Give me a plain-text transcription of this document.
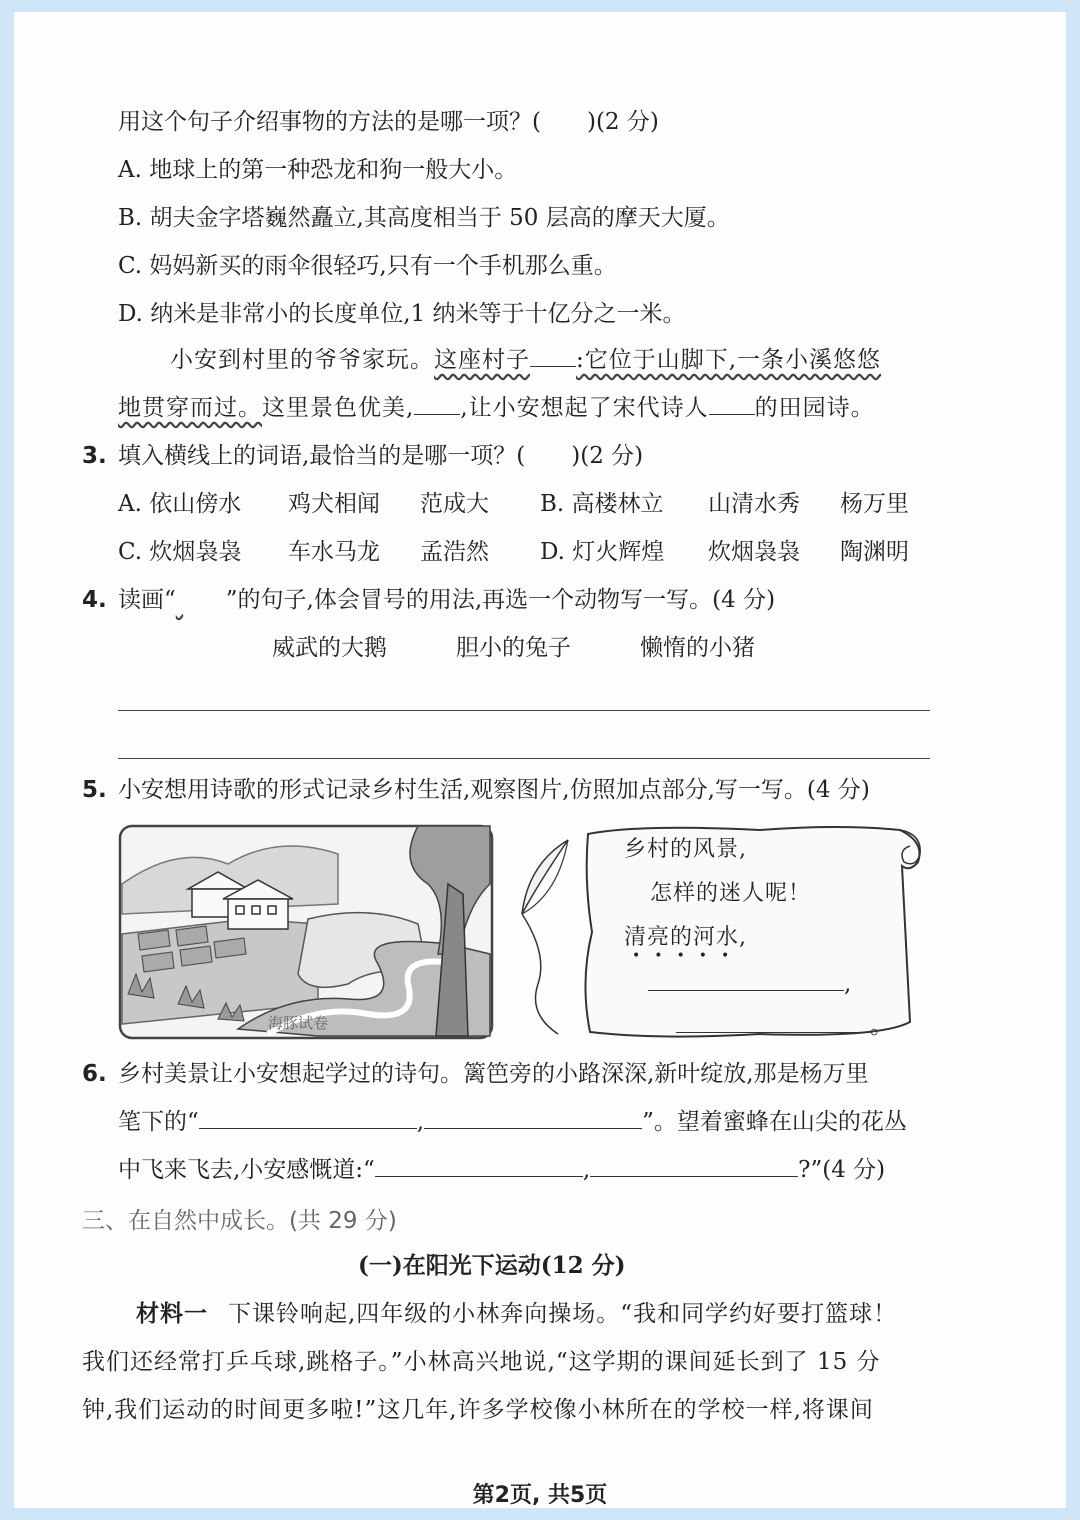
用这个句子介绍事物的方法的是哪一项？(　　)(2 分)
A. 地球上的第一种恐龙和狗一般大小。
B. 胡夫金字塔巍然矗立,其高度相当于 50 层高的摩天大厦。
C. 妈妈新买的雨伞很轻巧,只有一个手机那么重。
D. 纳米是非常小的长度单位,1 纳米等于十亿分之一米。
小安到村里的爷爷家玩。这座村子 :它位于山脚下,一条小溪悠悠
地贯穿而过。这里景色优美, ,让小安想起了宋代诗人 的田园诗。
3. 填入横线上的词语,最恰当的是哪一项？(　　)(2 分)
A. 依山傍水 鸡犬相闻 范成大 B. 高楼林立 山清水秀 杨万里
C. 炊烟袅袅 车水马龙 孟浩然 D. 灯火辉煌 炊烟袅袅 陶渊明
4. 读画“ ”的句子,体会冒号的用法,再选一个动物写一写。(4 分)
威武的大鹅	胆小的兔子	懒惰的小猪
5. 小安想用诗歌的形式记录乡村生活,观察图片,仿照加点部分,写一写。(4 分)
海豚试卷
乡村的风景,
怎样的迷人呢！
清亮的河水,
•••••
,
。
6. 乡村美景让小安想起学过的诗句。篱笆旁的小路深深,新叶绽放,那是杨万里
笔下的“	,	”。望着蜜蜂在山尖的花丛
中飞来飞去,小安感慨道:“	,	?”(4 分)
三、在自然中成长。(共 29 分)
(一)在阳光下运动(12 分)
材料一 下课铃响起,四年级的小林奔向操场。“我和同学约好要打篮球！
我们还经常打乒乓球,跳格子。”小林高兴地说,“这学期的课间延长到了 15 分
钟,我们运动的时间更多啦!”这几年,许多学校像小林所在的学校一样,将课间
第2页, 共5页
